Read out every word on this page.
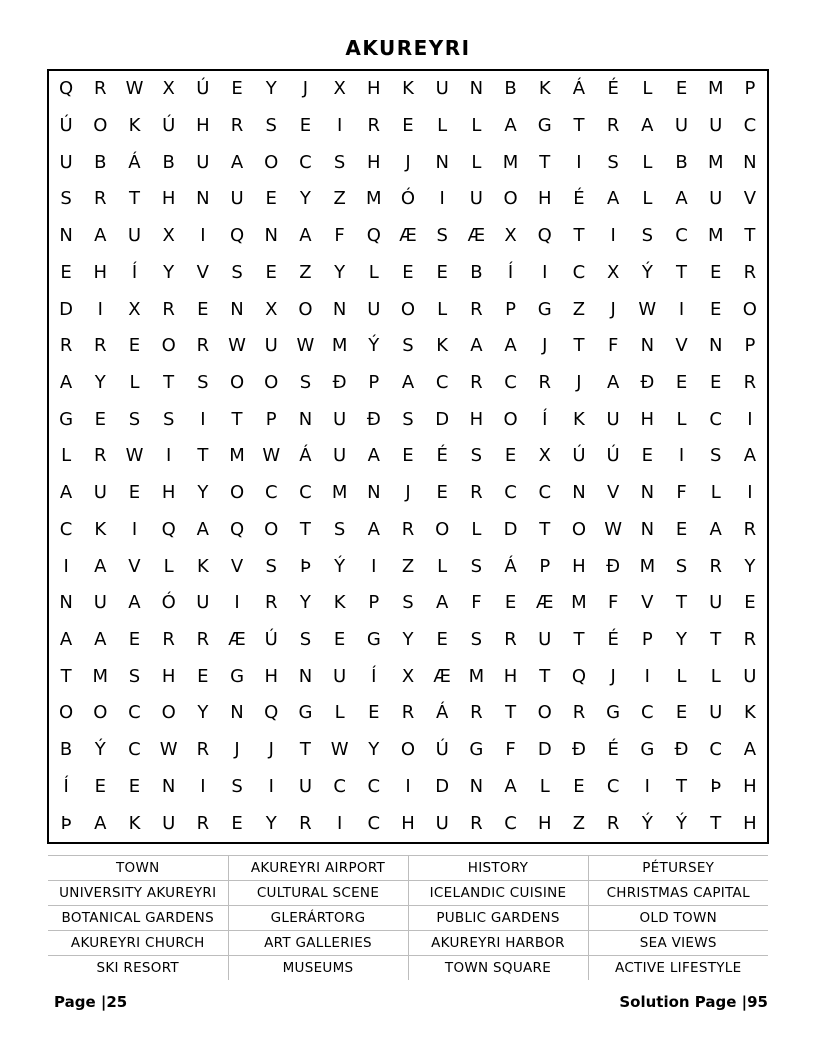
AKUREYRI
Q	R	W	X	Ú	E	Y	J	X	H	K	U	N	B	K	Á	É	L	E	M	P
Ú	O	K	Ú	H	R	S	E	I	R	E	L	L	A	G	T	R	A	U	U	C
U	B	Á	B	U	A	O	C	S	H	J	N	L	M	T	I	S	L	B	M	N
S	R	T	H	N	U	E	Y	Z	M	Ó	I	U	O	H	É	A	L	A	U	V
N	A	U	X	I	Q	N	A	F	Q	Æ	S	Æ	X	Q	T	I	S	C	M	T
E	H	Í	Y	V	S	E	Z	Y	L	E	E	B	Í	I	C	X	Ý	T	E	R
D	I	X	R	E	N	X	O	N	U	O	L	R	P	G	Z	J	W	I	E	O
R	R	E	O	R	W	U	W M	Ý	S	K	A	A	J	T	F	N	V	N	P
A	Y	L	T	S	O	O	S	Ð	P	A	C	R	C	R	J	A	Ð	E	E	R
G	E	S	S	I	T	P	N	U	Ð	S	D	H	O	Í	K	U	H	L	C	I
L	R	W	I	T	M W	Á	U	A	E	É	S	E	X	Ú	Ú	E	I	S	A
A	U	E	H	Y	O	C	C	M	N	J	E	R	C	C	N	V	N	F	L	I
C	K	I	Q	A	Q	O	T	S	A	R	O	L	D	T	O	W	N	E	A	R
I	A	V	L	K	V	S	Þ	Ý	I	Z	L	S	Á	P	H	Ð	M	S	R	Y
N	U	A	Ó	U	I	R	Y	K	P	S	A	F	E	Æ M	F	V	T	U	E
A	A	E	R	R	Æ	Ú	S	E	G	Y	E	S	R	U	T	É	P	Y	T	R
T	M	S	H	E	G	H	N	U	Í	X	Æ M	H	T	Q	J	I	L	L	U
O	O	C	O	Y	N	Q	G	L	E	R	Á	R	T	O	R	G	C	E	U	K
B	Ý	C	W	R	J	J	T	W	Y	O	Ú	G	F	D	Ð	É	G	Ð	C	A
Í	E	E	N	I	S	I	U	C	C	I	D	N	A	L	E	C	I	T	Þ	H
Þ	A	K	U	R	E	Y	R	I	C	H	U	R	C	H	Z	R	Ý	Ý	T	H
TOWN	AKUREYRI AIRPORT	HISTORY	PÉTURSEY
UNIVERSITY AKUREYRI	CULTURAL SCENE	ICELANDIC CUISINE	CHRISTMAS CAPITAL
BOTANICAL GARDENS	GLERÁRTORG	PUBLIC GARDENS	OLD TOWN
AKUREYRI CHURCH	ART GALLERIES	AKUREYRI HARBOR	SEA VIEWS
SKI RESORT	MUSEUMS	TOWN SQUARE	ACTIVE LIFESTYLE
Page |25	Solution Page |95
